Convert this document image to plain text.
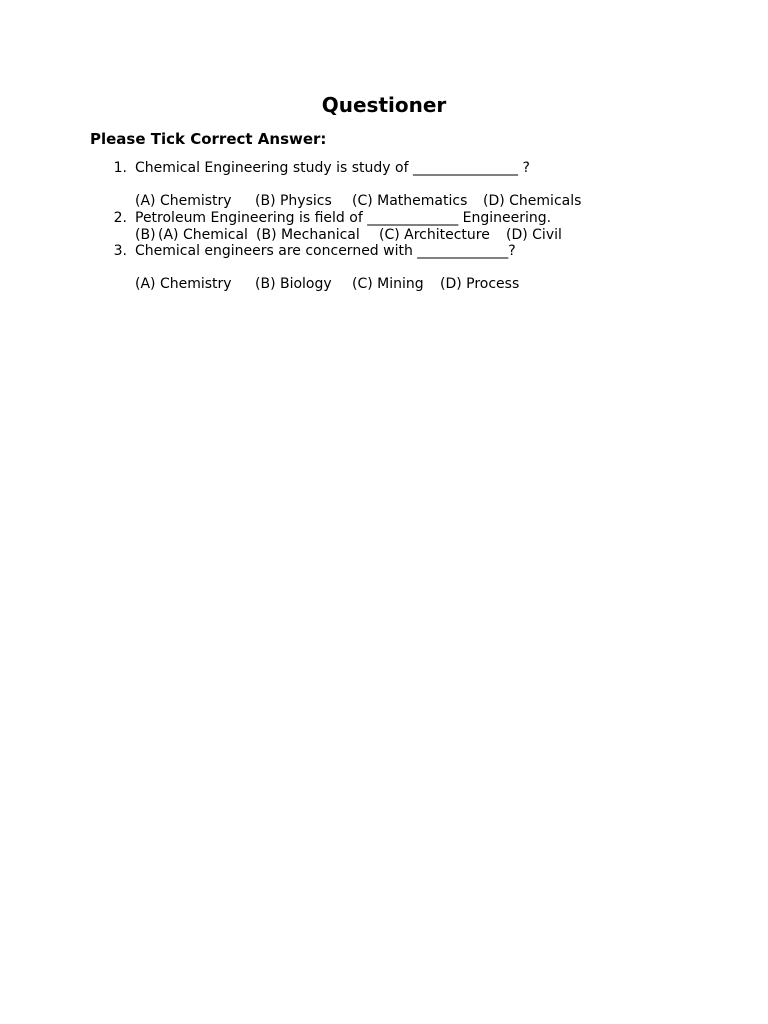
Questioner
Please Tick Correct Answer:
1. Chemical Engineering study is study of _______________ ?
(A) Chemistry (B) Physics (C) Mathematics (D) Chemicals
2. Petroleum Engineering is field of _____________ Engineering.
(B) (A) Chemical (B) Mechanical (C) Architecture (D) Civil
3. Chemical engineers are concerned with _____________?
(A) Chemistry (B) Biology (C) Mining (D) Process
